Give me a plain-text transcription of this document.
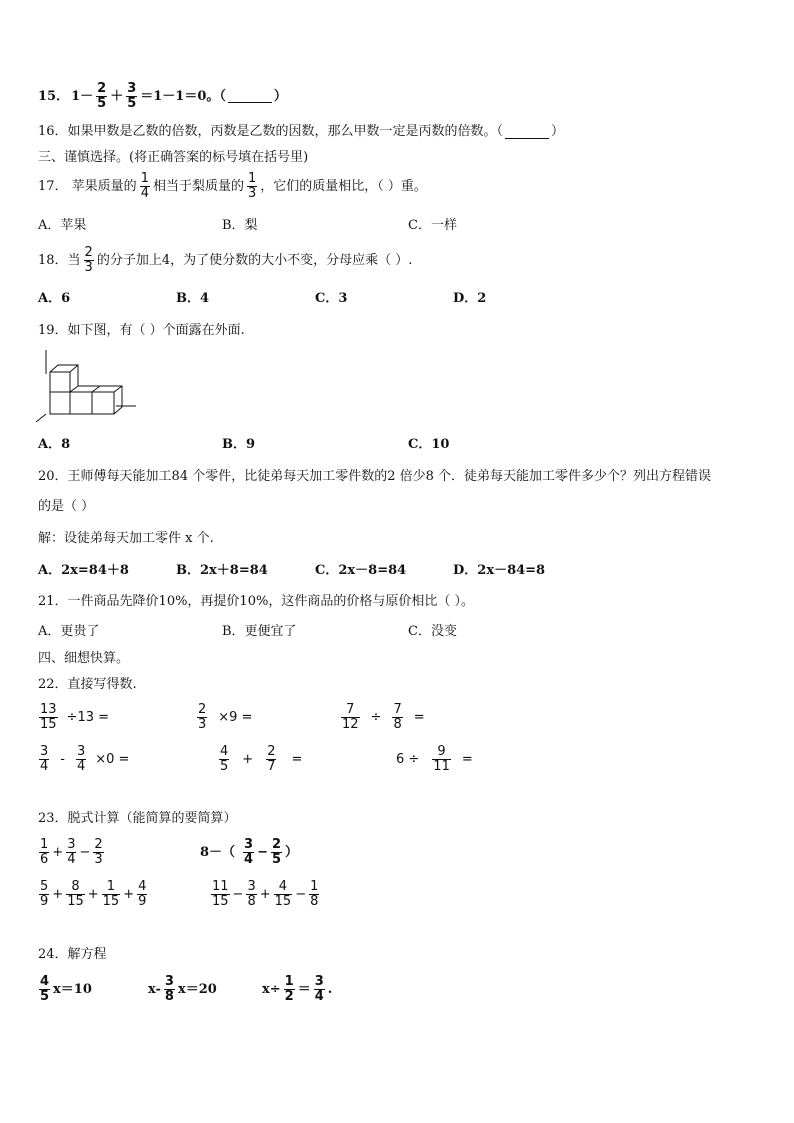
15． $1- \frac{2}{5} + \frac{3}{5} =1-1=0$。（	）
16．如果甲数是乙数的倍数，丙数是乙数的因数，那么甲数一定是丙数的倍数。（	）
三、谨慎选择。(将正确答案的标号填在括号里)
17． 苹果质量的 $\frac{1}{4}$ 相当于梨质量的 $\frac{1}{3}$ ，它们的质量相比，（ ）重。
A．苹果	B．梨	C．一样
18．当 $\frac{2}{3}$ 的分子加上4，为了使分数的大小不变，分母应乘（ ）.
A．6	B．4	C．3	D．2
19．如下图，有（ ）个面露在外面.
A．8	B．9	C．10
20．王师傅每天能加工84 个零件，比徒弟每天加工零件数的2 倍少8 个．徒弟每天能加工零件多少个？列出方程错误
的是（ ）
解：设徒弟每天加工零件 x 个.
A．2x=84＋8	B．2x＋8=84	C．2x－8=84	D．2x－84=8
21．一件商品先降价10%，再提价10%，这件商品的价格与原价相比（ ）。
A．更贵了	B．更便宜了	C．没变
四、细想快算。
22．直接写得数.
$\frac{13}{15} \div 13$ =	$\frac{2}{3} \times 9$ =	$\frac{7}{12} \div \frac{7}{8}$ =
$\frac{3}{4} - \frac{3}{4} \times 0$ =	$\frac{4}{5} + \frac{2}{7}$ =	$6 \div \frac{9}{11}$ =
23．脱式计算（能简算的要简算）
$\frac{1}{6} + \frac{3}{4} - \frac{2}{3}$	$8-( \frac{3}{4} - \frac{2}{5}$ ）
$\frac{5}{9} + \frac{8}{15} + \frac{1}{15} + \frac{4}{9}$	$\frac{11}{15} - \frac{3}{8} + \frac{4}{15} - \frac{1}{8}$
24．解方程
$\frac{4}{5} x=10$	$x- \frac{3}{8} x=20$	$x\div \frac{1}{2} = \frac{3}{4}$ .
